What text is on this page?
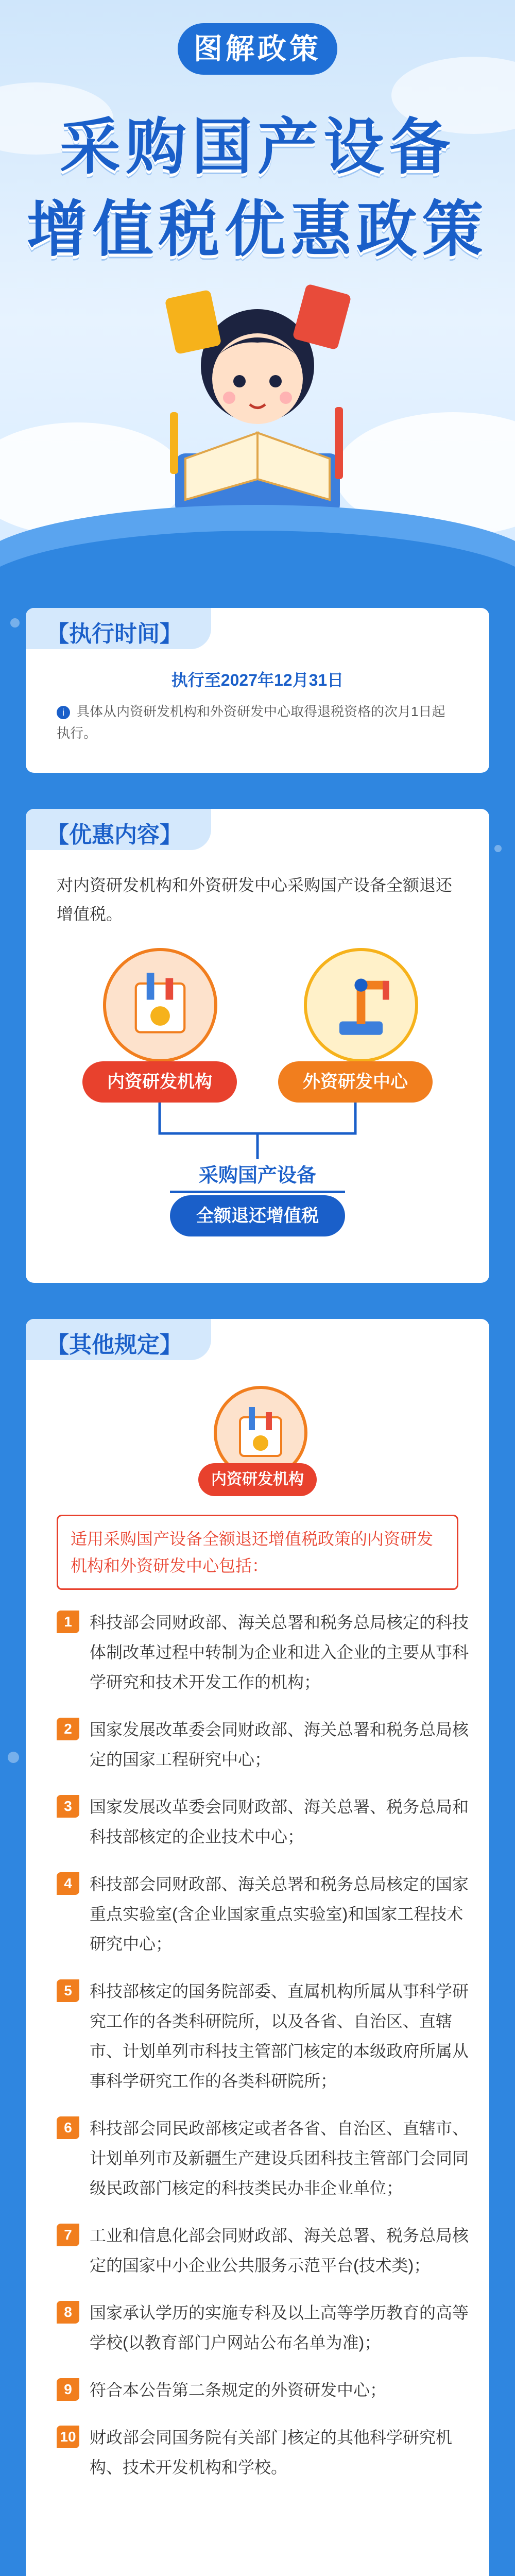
图解政策
采购国产设备
增值税优惠政策
【执行时间】
执行至2027年12月31日
i 具体从内资研发机构和外资研发中心取得退税资格的次月1日起执行。
【优惠内容】
对内资研发机构和外资研发中心采购国产设备全额退还增值税。
内资研发机构	外资研发中心
采购国产设备
全额退还增值税
【其他规定】
内资研发机构
适用采购国产设备全额退还增值税政策的内资研发机构和外资研发中心包括：
1	科技部会同财政部、海关总署和税务总局核定的科技体制改革过程中转制为企业和进入企业的主要从事科学研究和技术开发工作的机构；
2	国家发展改革委会同财政部、海关总署和税务总局核定的国家工程研究中心；
3	国家发展改革委会同财政部、海关总署、税务总局和科技部核定的企业技术中心；
4	科技部会同财政部、海关总署和税务总局核定的国家重点实验室(含企业国家重点实验室)和国家工程技术研究中心；
5	科技部核定的国务院部委、直属机构所属从事科学研究工作的各类科研院所，以及各省、自治区、直辖市、计划单列市科技主管部门核定的本级政府所属从事科学研究工作的各类科研院所；
6	科技部会同民政部核定或者各省、自治区、直辖市、计划单列市及新疆生产建设兵团科技主管部门会同同级民政部门核定的科技类民办非企业单位；
7	工业和信息化部会同财政部、海关总署、税务总局核定的国家中小企业公共服务示范平台(技术类)；
8	国家承认学历的实施专科及以上高等学历教育的高等学校(以教育部门户网站公布名单为准)；
9	符合本公告第二条规定的外资研发中心；
10 财政部会同国务院有关部门核定的其他科学研究机构、技术开发机构和学校。
